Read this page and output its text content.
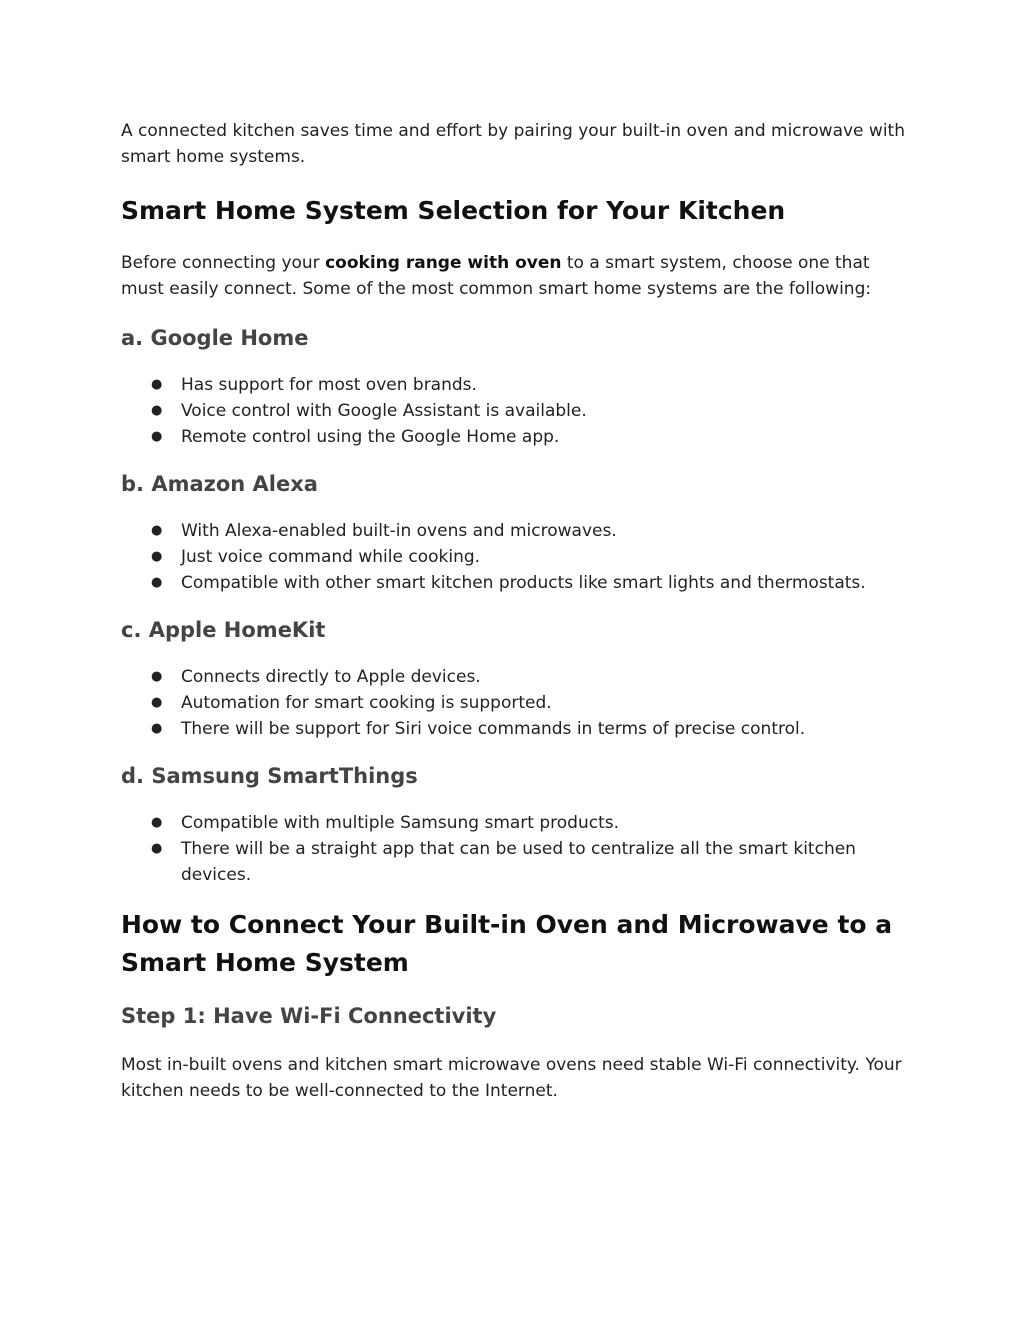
A connected kitchen saves time and effort by pairing your built-in oven and microwave with smart home systems.

Smart Home System Selection for Your Kitchen

Before connecting your cooking range with oven to a smart system, choose one that must easily connect. Some of the most common smart home systems are the following:

a. Google Home
● Has support for most oven brands.
● Voice control with Google Assistant is available.
● Remote control using the Google Home app.
b. Amazon Alexa
● With Alexa-enabled built-in ovens and microwaves.
● Just voice command while cooking.
● Compatible with other smart kitchen products like smart lights and thermostats.
c. Apple HomeKit
● Connects directly to Apple devices.
● Automation for smart cooking is supported.
● There will be support for Siri voice commands in terms of precise control.
d. Samsung SmartThings
● Compatible with multiple Samsung smart products.
● There will be a straight app that can be used to centralize all the smart kitchen devices.
How to Connect Your Built-in Oven and Microwave to a Smart Home System
Step 1: Have Wi-Fi Connectivity

Most in-built ovens and kitchen smart microwave ovens need stable Wi-Fi connectivity. Your kitchen needs to be well-connected to the Internet.
